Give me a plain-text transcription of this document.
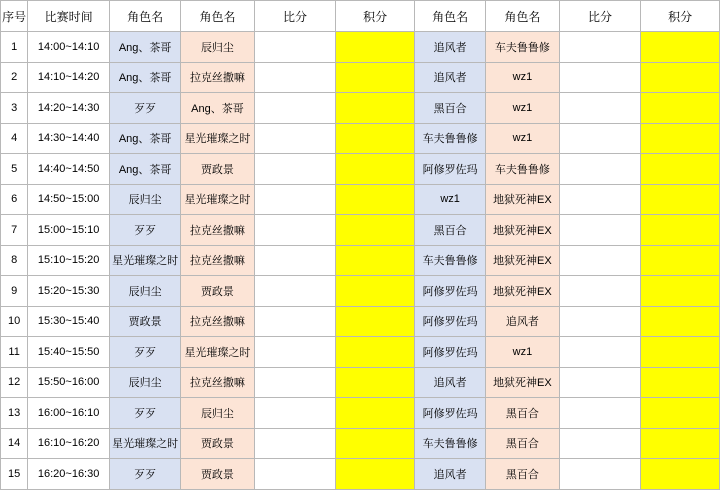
序号	比赛时间	角色名	角色名	比分	积分	角色名	角色名	比分	积分
1	14:00~14:10	Ang、茶哥	辰归尘			追风者	车夫鲁鲁修		
2	14:10~14:20	Ang、茶哥	拉克丝撒嘛			追风者	wz1		
3	14:20~14:30	歹歹	Ang、茶哥			黑百合	wz1		
4	14:30~14:40	Ang、茶哥	星光璀璨之时			车夫鲁鲁修	wz1		
5	14:40~14:50	Ang、茶哥	贾政景			阿修罗佐玛	车夫鲁鲁修		
6	14:50~15:00	辰归尘	星光璀璨之时			wz1	地狱死神EX		
7	15:00~15:10	歹歹	拉克丝撒嘛			黑百合	地狱死神EX		
8	15:10~15:20	星光璀璨之时	拉克丝撒嘛			车夫鲁鲁修	地狱死神EX		
9	15:20~15:30	辰归尘	贾政景			阿修罗佐玛	地狱死神EX		
10	15:30~15:40	贾政景	拉克丝撒嘛			阿修罗佐玛	追风者		
11	15:40~15:50	歹歹	星光璀璨之时			阿修罗佐玛	wz1		
12	15:50~16:00	辰归尘	拉克丝撒嘛			追风者	地狱死神EX		
13	16:00~16:10	歹歹	辰归尘			阿修罗佐玛	黑百合		
14	16:10~16:20	星光璀璨之时	贾政景			车夫鲁鲁修	黑百合		
15	16:20~16:30	歹歹	贾政景			追风者	黑百合		
